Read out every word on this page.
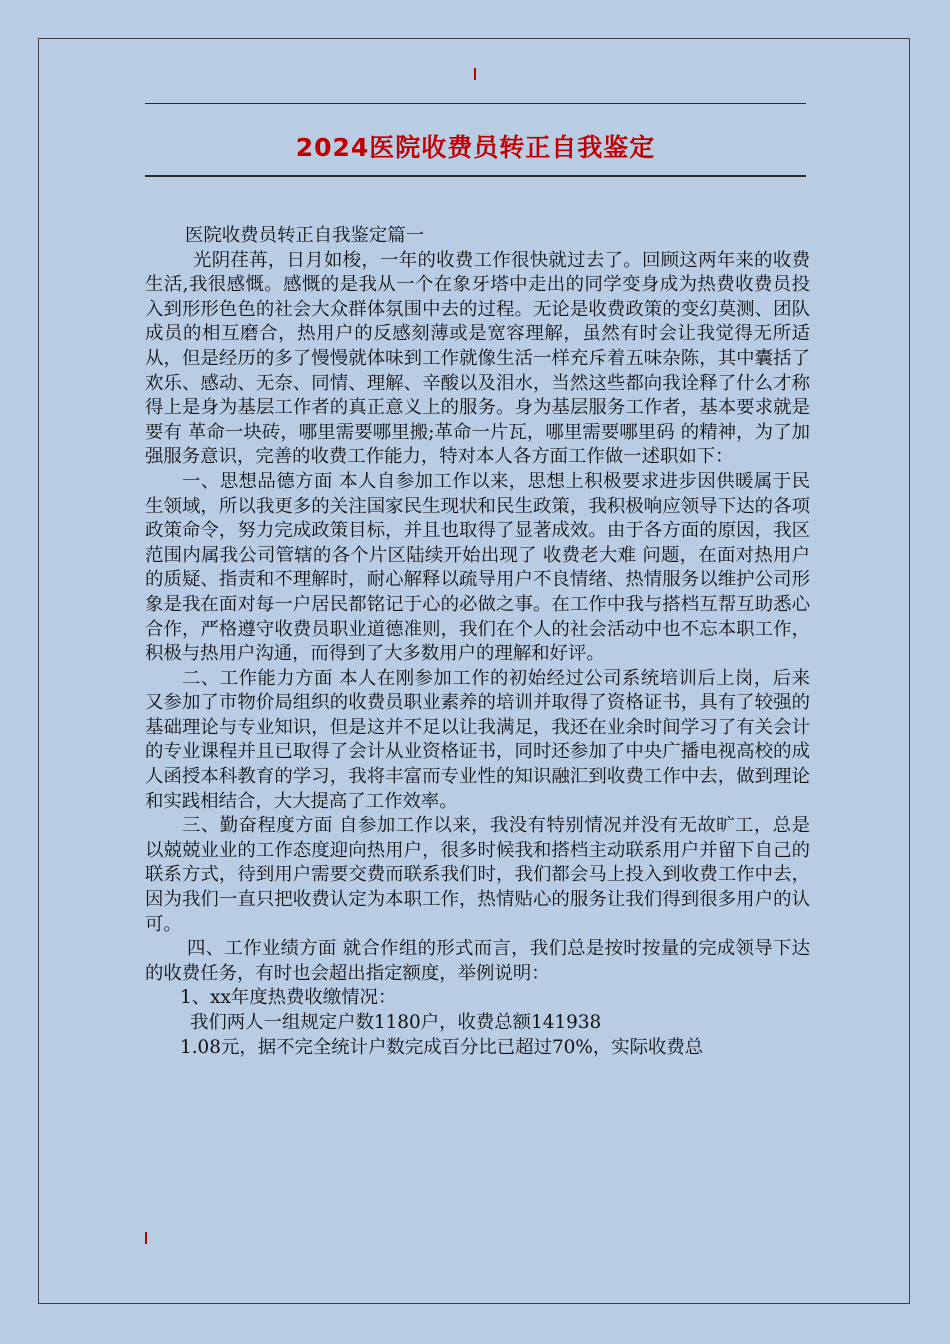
2024医院收费员转正自我鉴定

医院收费员转正自我鉴定篇一

光阴荏苒，日月如梭，一年的收费工作很快就过去了。回顾这两年来的收费生活,我很感慨。感慨的是我从一个在象牙塔中走出的同学变身成为热费收费员投入到形形色色的社会大众群体氛围中去的过程。无论是收费政策的变幻莫测、团队成员的相互磨合，热用户的反感刻薄或是宽容理解，虽然有时会让我觉得无所适从，但是经历的多了慢慢就体味到工作就像生活一样充斥着五味杂陈，其中囊括了欢乐、感动、无奈、同情、理解、辛酸以及泪水，当然这些都向我诠释了什么才称得上是身为基层工作者的真正意义上的服务。身为基层服务工作者，基本要求就是要有 革命一块砖，哪里需要哪里搬;革命一片瓦，哪里需要哪里码 的精神，为了加强服务意识，完善的收费工作能力，特对本人各方面工作做一述职如下：

一、思想品德方面 本人自参加工作以来，思想上积极要求进步因供暖属于民生领域，所以我更多的关注国家民生现状和民生政策，我积极响应领导下达的各项政策命令，努力完成政策目标，并且也取得了显著成效。由于各方面的原因，我区范围内属我公司管辖的各个片区陆续开始出现了 收费老大难 问题，在面对热用户的质疑、指责和不理解时，耐心解释以疏导用户不良情绪、热情服务以维护公司形象是我在面对每一户居民都铭记于心的必做之事。在工作中我与搭档互帮互助悉心合作，严格遵守收费员职业道德准则，我们在个人的社会活动中也不忘本职工作，积极与热用户沟通，而得到了大多数用户的理解和好评。

二、工作能力方面 本人在刚参加工作的初始经过公司系统培训后上岗，后来又参加了市物价局组织的收费员职业素养的培训并取得了资格证书，具有了较强的基础理论与专业知识，但是这并不足以让我满足，我还在业余时间学习了有关会计的专业课程并且已取得了会计从业资格证书，同时还参加了中央广播电视高校的成人函授本科教育的学习，我将丰富而专业性的知识融汇到收费工作中去，做到理论和实践相结合，大大提高了工作效率。

三、勤奋程度方面 自参加工作以来，我没有特别情况并没有无故旷工，总是以兢兢业业的工作态度迎向热用户，很多时候我和搭档主动联系用户并留下自己的联系方式，待到用户需要交费而联系我们时，我们都会马上投入到收费工作中去，因为我们一直只把收费认定为本职工作，热情贴心的服务让我们得到很多用户的认可。

四、工作业绩方面 就合作组的形式而言，我们总是按时按量的完成领导下达的收费任务，有时也会超出指定额度，举例说明：

1、xx年度热费收缴情况：

我们两人一组规定户数1180户，收费总额141938

1.08元，据不完全统计户数完成百分比已超过70%，实际收费总
